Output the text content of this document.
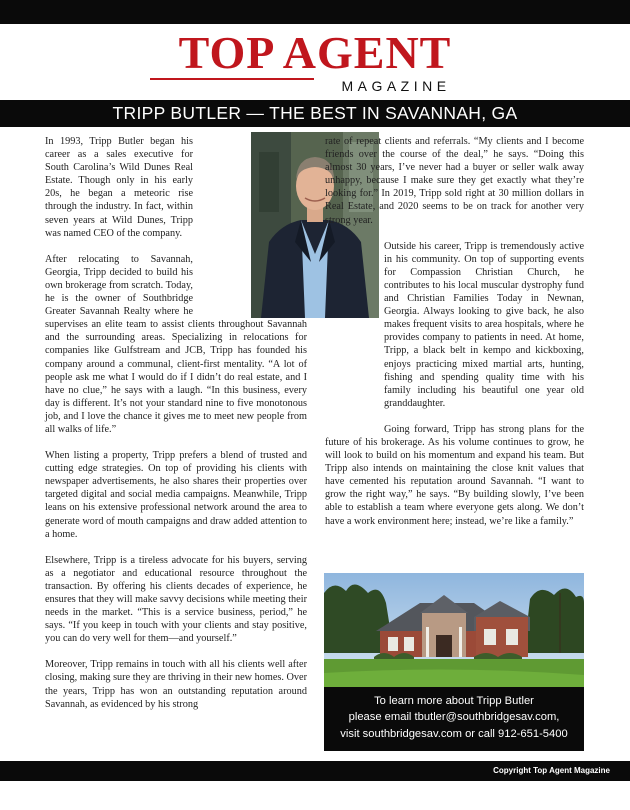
TOP AGENT
MAGAZINE
TRIPP BUTLER — THE BEST IN SAVANNAH, GA

In 1993, Tripp Butler began his career as a sales executive for South Carolina’s Wild Dunes Real Estate. Though only in his early 20s, he began a meteoric rise through the industry. In fact, within seven years at Wild Dunes, Tripp was named CEO of the company.

After relocating to Savannah, Georgia, Tripp decided to build his own brokerage from scratch. Today, he is the owner of Southbridge Greater Savannah Realty where he supervises an elite team to assist clients throughout Savannah and the surrounding areas. Specializing in relocations for companies like Gulfstream and JCB, Tripp has founded his company around a communal, client-first mentality. “A lot of people ask me what I would do if I didn’t do real estate, and I have no clue,” he says with a laugh. “In this business, every day is different. It’s not your standard nine to five monotonous job, and I love the chance it gives me to meet new people from all walks of life.”

When listing a property, Tripp prefers a blend of trusted and cutting edge strategies. On top of providing his clients with newspaper advertisements, he also shares their properties over targeted digital and social media campaigns. Meanwhile, Tripp leans on his extensive professional network around the area to generate word of mouth campaigns and draw added attention to a home.

Elsewhere, Tripp is a tireless advocate for his buyers, serving as a negotiator and educational resource throughout the transaction. By offering his clients decades of experience, he ensures that they will make savvy decisions while meeting their needs in the market. “This is a service business, period,” he says. “If you keep in touch with your clients and stay positive, you can do very well for them—and yourself.”

Moreover, Tripp remains in touch with all his clients well after closing, making sure they are thriving in their new homes. Over the years, Tripp has won an outstanding reputation around Savannah, as evidenced by his strong

rate of repeat clients and referrals. “My clients and I become friends over the course of the deal,” he says. “Doing this almost 30 years, I’ve never had a buyer or seller walk away unhappy, because I make sure they get exactly what they’re looking for.” In 2019, Tripp sold right at 30 million dollars in Real Estate, and 2020 seems to be on track for another very strong year.

Outside his career, Tripp is tremendously active in his community. On top of supporting events for Compassion Christian Church, he contributes to his local muscular dystrophy fund and Christian Families Today in Newnan, Georgia. Always looking to give back, he also makes frequent visits to area hospitals, where he provides company to patients in need. At home, Tripp, a black belt in kempo and kickboxing, enjoys practicing mixed martial arts, hunting, fishing and spending quality time with his family including his beautiful one year old granddaughter.

Going forward, Tripp has strong plans for the future of his brokerage. As his volume continues to grow, he will look to build on his momentum and expand his team. But Tripp also intends on maintaining the close knit values that have cemented his reputation around Savannah. “I want to grow the right way,” he says. “By building slowly, I’ve been able to establish a team where everyone gets along. We don’t have a work environment here; instead, we’re like a family.”

To learn more about Tripp Butler
please email tbutler@southbridgesav.com,
visit southbridgesav.com or call 912-651-5400
Copyright Top Agent Magazine
